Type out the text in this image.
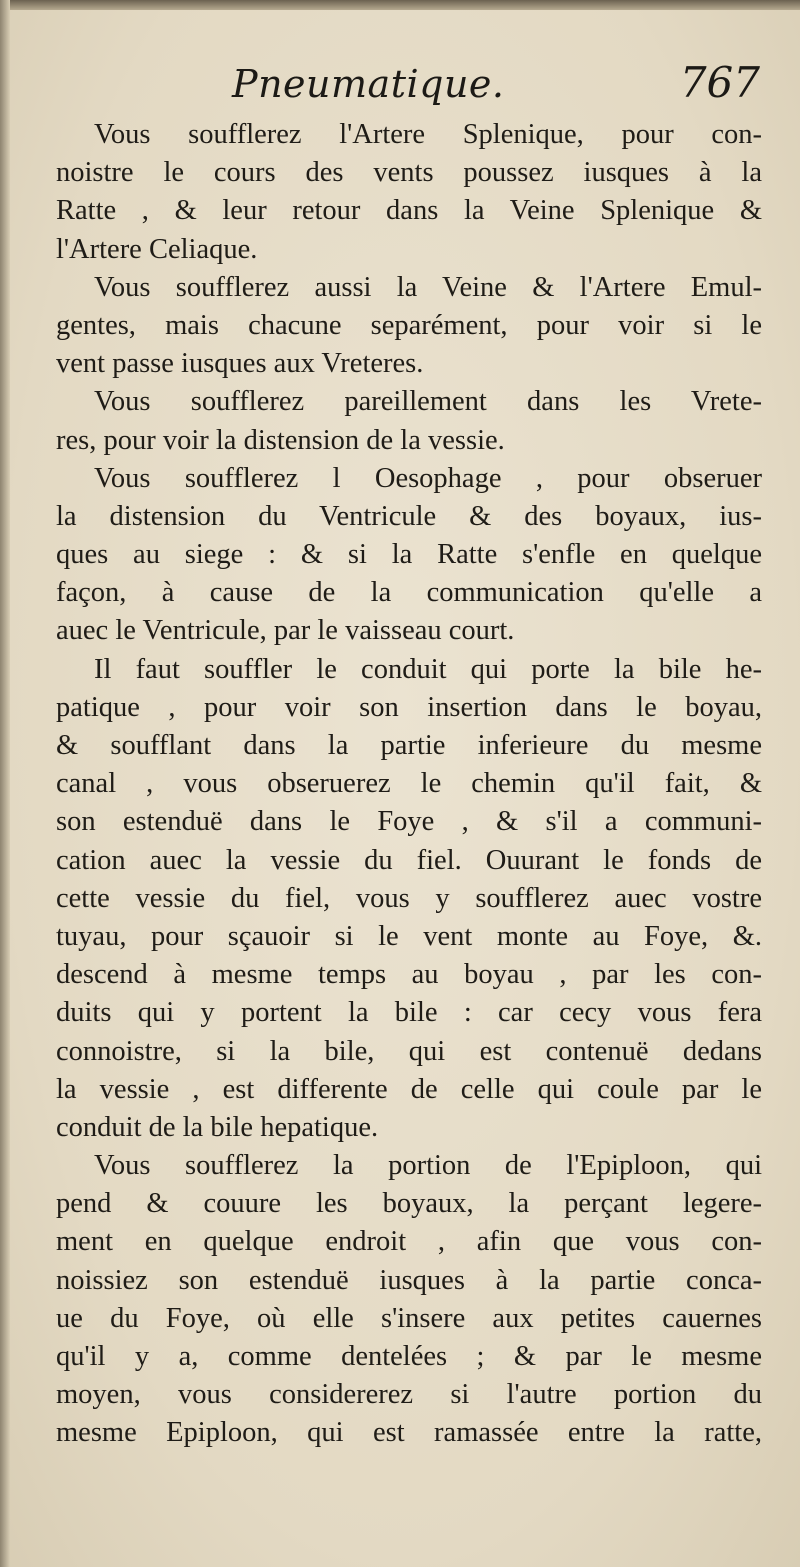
Pneumatique.	767
Vous soufflerez l'Artere Splenique, pour con-
noistre le cours des vents poussez iusques à la
Ratte , & leur retour dans la Veine Splenique &
l'Artere Celiaque.
Vous soufflerez aussi la Veine & l'Artere Emul-
gentes, mais chacune separément, pour voir si le
vent passe iusques aux Vreteres.
Vous soufflerez pareillement dans les Vrete-
res, pour voir la distension de la vessie.
Vous soufflerez l Oesophage , pour obseruer
la distension du Ventricule & des boyaux, ius-
ques au siege : & si la Ratte s'enfle en quelque
façon, à cause de la communication qu'elle a
auec le Ventricule, par le vaisseau court.
Il faut souffler le conduit qui porte la bile he-
patique , pour voir son insertion dans le boyau,
& soufflant dans la partie inferieure du mesme
canal , vous obseruerez le chemin qu'il fait, &
son estenduë dans le Foye , & s'il a communi-
cation auec la vessie du fiel. Ouurant le fonds de
cette vessie du fiel, vous y soufflerez auec vostre
tuyau, pour sçauoir si le vent monte au Foye, &.
descend à mesme temps au boyau , par les con-
duits qui y portent la bile : car cecy vous fera
connoistre, si la bile, qui est contenuë dedans
la vessie , est differente de celle qui coule par le
conduit de la bile hepatique.
Vous soufflerez la portion de l'Epiploon, qui
pend & couure les boyaux, la perçant legere-
ment en quelque endroit , afin que vous con-
noissiez son estenduë iusques à la partie conca-
ue du Foye, où elle s'insere aux petites cauernes
qu'il y a, comme dentelées ; & par le mesme
moyen, vous considererez si l'autre portion du
mesme Epiploon, qui est ramassée entre la ratte,
